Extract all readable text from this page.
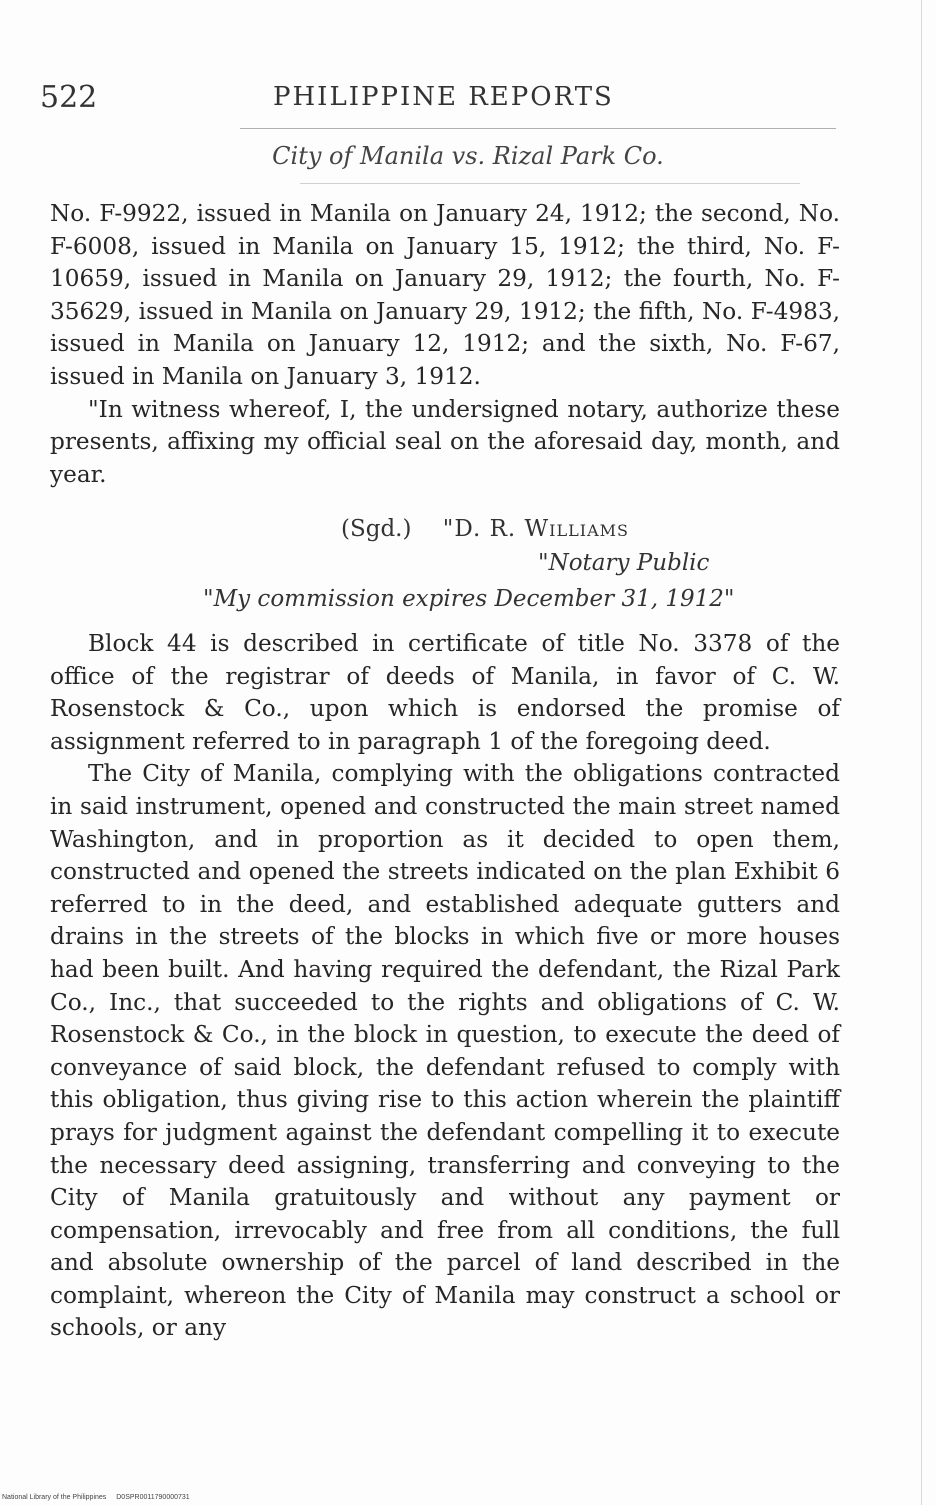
522	PHILIPPINE REPORTS
City of Manila vs. Rizal Park Co.

No. F-9922, issued in Manila on January 24, 1912; the second, No. F-6008, issued in Manila on January 15, 1912; the third, No. F-10659, issued in Manila on January 29, 1912; the fourth, No. F-35629, issued in Manila on January 29, 1912; the fifth, No. F-4983, issued in Manila on January 12, 1912; and the sixth, No. F-67, issued in Manila on January 3, 1912.

"In witness whereof, I, the undersigned notary, authorize these presents, affixing my official seal on the aforesaid day, month, and year.

(Sgd.) "D. R. Williams
"Notary Public
"My commission expires December 31, 1912"

Block 44 is described in certificate of title No. 3378 of the office of the registrar of deeds of Manila, in favor of C. W. Rosenstock & Co., upon which is endorsed the promise of assignment referred to in paragraph 1 of the foregoing deed.

The City of Manila, complying with the obligations contracted in said instrument, opened and constructed the main street named Washington, and in proportion as it decided to open them, constructed and opened the streets indicated on the plan Exhibit 6 referred to in the deed, and established adequate gutters and drains in the streets of the blocks in which five or more houses had been built. And having required the defendant, the Rizal Park Co., Inc., that succeeded to the rights and obligations of C. W. Rosenstock & Co., in the block in question, to execute the deed of conveyance of said block, the defendant refused to comply with this obligation, thus giving rise to this action wherein the plaintiff prays for judgment against the defendant compelling it to execute the necessary deed assigning, transferring and conveying to the City of Manila gratuitously and without any payment or compensation, irrevocably and free from all conditions, the full and absolute ownership of the parcel of land described in the complaint, whereon the City of Manila may construct a school or schools, or any

National Library of the Philippines D0SPR0011790000731
